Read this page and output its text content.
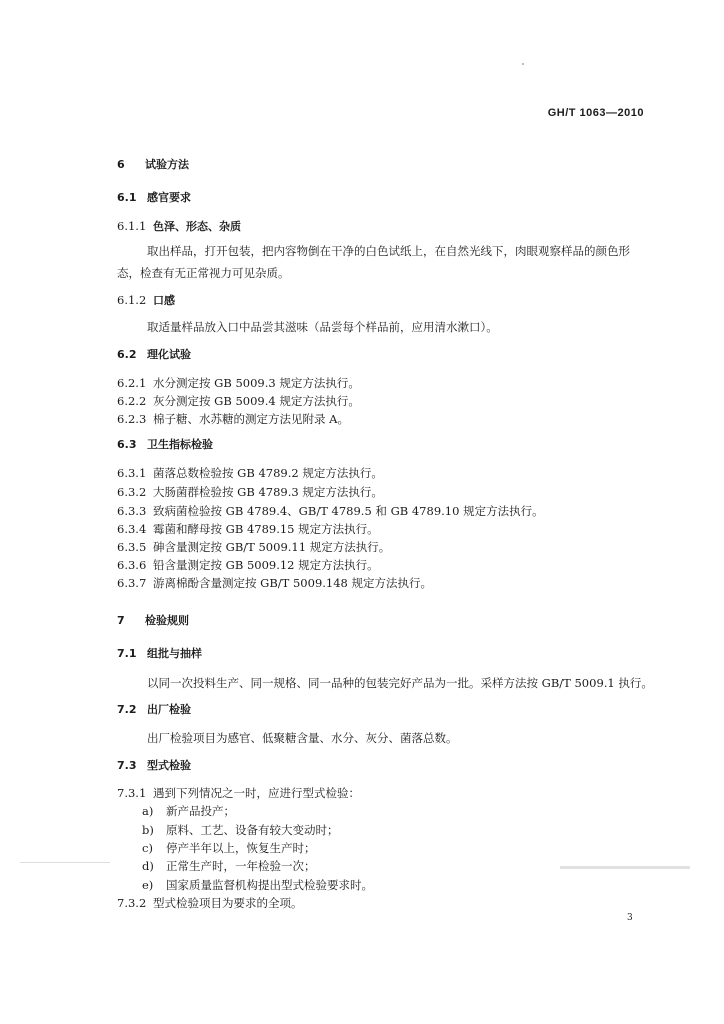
GH/T 1063—2010
6 试验方法
6.1 感官要求
6.1.1 色泽、形态、杂质
取出样品，打开包装，把内容物倒在干净的白色试纸上，在自然光线下，肉眼观察样品的颜色形态，检查有无正常视力可见杂质。
6.1.2 口感
取适量样品放入口中品尝其滋味（品尝每个样品前，应用清水漱口）。
6.2 理化试验
6.2.1 水分测定按 GB 5009.3 规定方法执行。
6.2.2 灰分测定按 GB 5009.4 规定方法执行。
6.2.3 棉子糖、水苏糖的测定方法见附录 A。
6.3 卫生指标检验
6.3.1 菌落总数检验按 GB 4789.2 规定方法执行。
6.3.2 大肠菌群检验按 GB 4789.3 规定方法执行。
6.3.3 致病菌检验按 GB 4789.4、GB/T 4789.5 和 GB 4789.10 规定方法执行。
6.3.4 霉菌和酵母按 GB 4789.15 规定方法执行。
6.3.5 砷含量测定按 GB/T 5009.11 规定方法执行。
6.3.6 铅含量测定按 GB 5009.12 规定方法执行。
6.3.7 游离棉酚含量测定按 GB/T 5009.148 规定方法执行。
7 检验规则
7.1 组批与抽样
以同一次投料生产、同一规格、同一品种的包装完好产品为一批。采样方法按 GB/T 5009.1 执行。
7.2 出厂检验
出厂检验项目为感官、低聚糖含量、水分、灰分、菌落总数。
7.3 型式检验
7.3.1 遇到下列情况之一时，应进行型式检验：
a) 新产品投产；
b) 原料、工艺、设备有较大变动时；
c) 停产半年以上，恢复生产时；
d) 正常生产时，一年检验一次；
e) 国家质量监督机构提出型式检验要求时。
7.3.2 型式检验项目为要求的全项。
3
